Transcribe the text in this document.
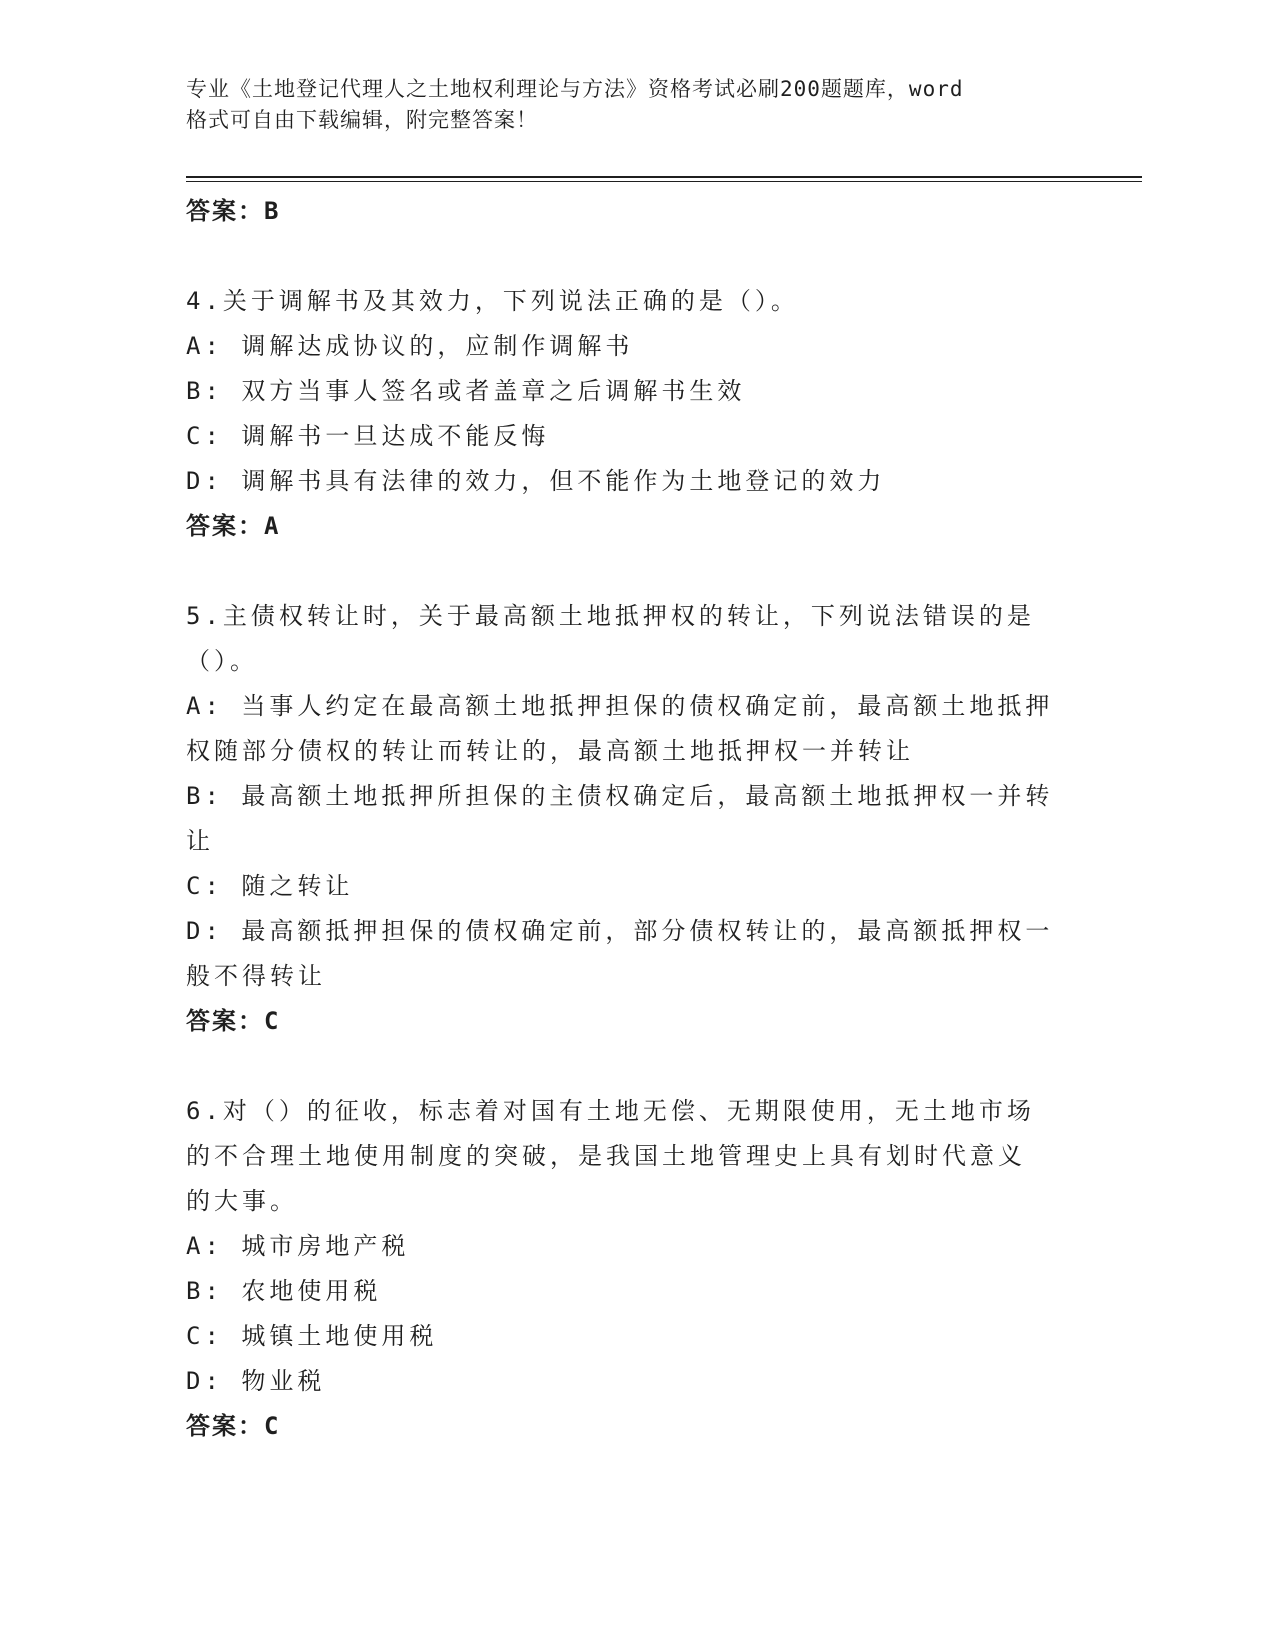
专业《土地登记代理人之土地权利理论与方法》资格考试必刷200题题库，word

格式可自由下载编辑，附完整答案！

答案：B

4.关于调解书及其效力，下列说法正确的是（）。

A: 调解达成协议的，应制作调解书

B: 双方当事人签名或者盖章之后调解书生效

C: 调解书一旦达成不能反悔

D: 调解书具有法律的效力，但不能作为土地登记的效力

答案：A

5.主债权转让时，关于最高额土地抵押权的转让，下列说法错误的是

（）。

A: 当事人约定在最高额土地抵押担保的债权确定前，最高额土地抵押

权随部分债权的转让而转让的，最高额土地抵押权一并转让

B: 最高额土地抵押所担保的主债权确定后，最高额土地抵押权一并转

让

C: 随之转让

D: 最高额抵押担保的债权确定前，部分债权转让的，最高额抵押权一

般不得转让

答案：C

6.对（）的征收，标志着对国有土地无偿、无期限使用，无土地市场

的不合理土地使用制度的突破，是我国土地管理史上具有划时代意义

的大事。

A: 城市房地产税

B: 农地使用税

C: 城镇土地使用税

D: 物业税

答案：C
